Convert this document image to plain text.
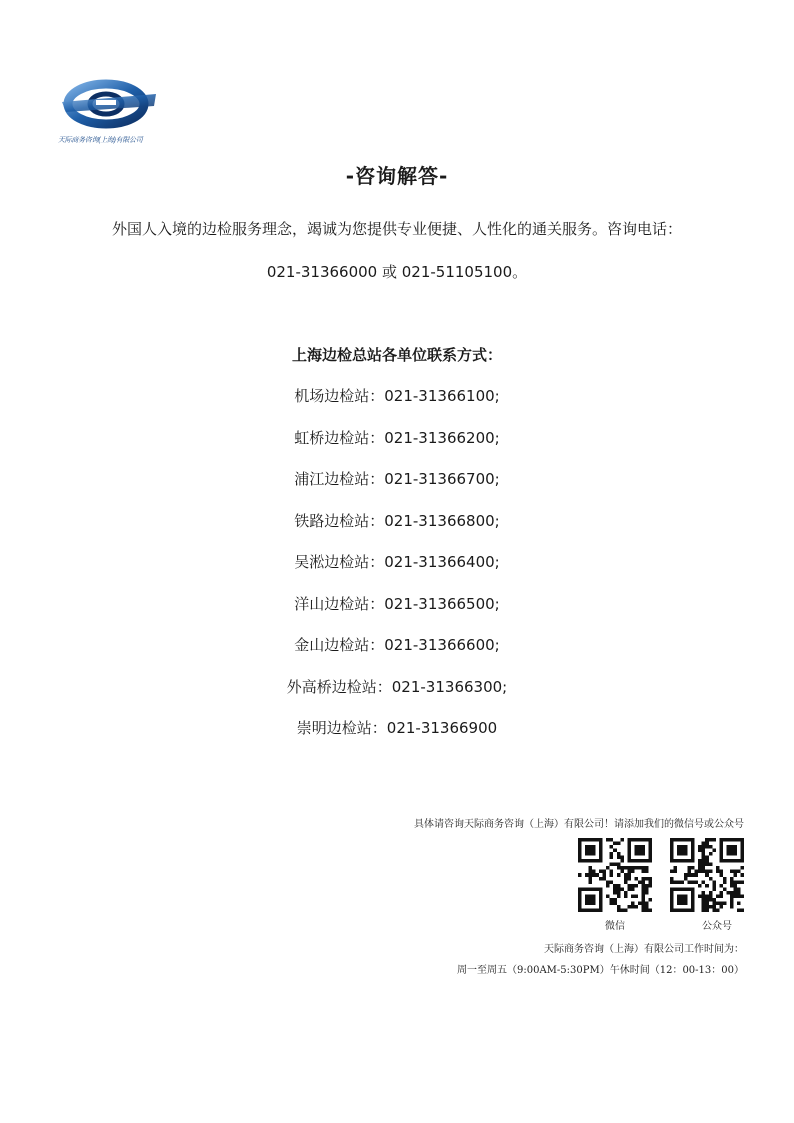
天际商务咨询(上海)有限公司
-咨询解答-
外国人入境的边检服务理念，竭诚为您提供专业便捷、人性化的通关服务。咨询电话：
021-31366000 或 021-51105100。
上海边检总站各单位联系方式：
机场边检站：021-31366100;
虹桥边检站：021-31366200;
浦江边检站：021-31366700;
铁路边检站：021-31366800;
吴淞边检站：021-31366400;
洋山边检站：021-31366500;
金山边检站：021-31366600;
外高桥边检站：021-31366300;
崇明边检站：021-31366900
具体请咨询天际商务咨询（上海）有限公司！请添加我们的微信号或公众号
微信	公众号
天际商务咨询（上海）有限公司工作时间为：
周一至周五（9:00AM-5:30PM）午休时间（12：00-13：00）
